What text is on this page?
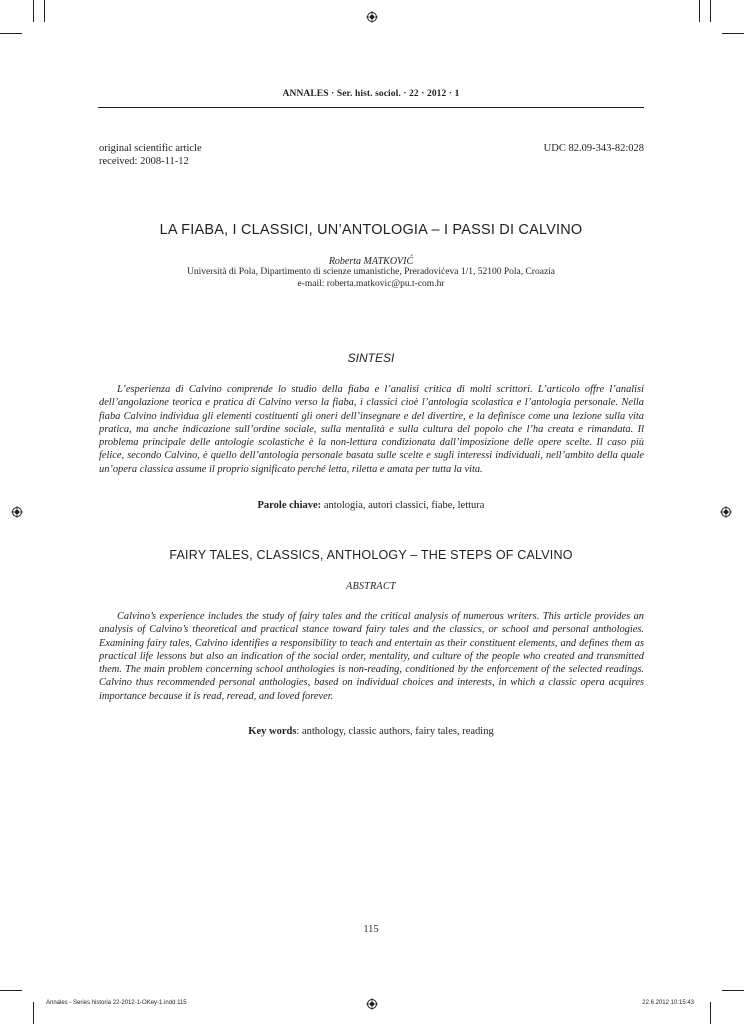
ANNALES · Ser. hist. sociol. · 22 · 2012 · 1
original scientific article
received: 2008-11-12
UDC 82.09-343-82:028
LA FIABA, I CLASSICI, UN’ANTOLOGIA – I PASSI DI CALVINO
Roberta MATKOVIĆ
Università di Pola, Dipartimento di scienze umanistiche, Preradovićeva 1/1, 52100 Pola, Croazia
e-mail: roberta.matkovic@pu.t-com.hr
SINTESI
L’esperienza di Calvino comprende lo studio della fiaba e l’analisi critica di molti scrittori. L’articolo offre l’analisi dell’angolazione teorica e pratica di Calvino verso la fiaba, i classici cioè l’antologia scolastica e l’antologia personale. Nella fiaba Calvino individua gli elementi costituenti gli oneri dell’insegnare e del divertire, e la definisce come una lezione sulla vita pratica, ma anche indicazione sull’ordine sociale, sulla mentalità e sulla cultura del popolo che l’ha creata e rimandata. Il problema principale delle antologie scolastiche è la non-lettura condizionata dall’imposizione delle opere scelte. Il caso più felice, secondo Calvino, è quello dell’antologia personale basata sulle scelte e sugli interessi individuali, nell’ambito della quale un’opera classica assume il proprio significato perché letta, riletta e amata per tutta la vita.
Parole chiave: antologia, autori classici, fiabe, lettura
FAIRY TALES, CLASSICS, ANTHOLOGY – THE STEPS OF CALVINO
ABSTRACT
Calvino’s experience includes the study of fairy tales and the critical analysis of numerous writers. This article provides an analysis of Calvino’s theoretical and practical stance toward fairy tales and the classics, or school and personal anthologies. Examining fairy tales, Calvino identifies a responsibility to teach and entertain as their constituent elements, and defines them as practical life lessons but also an indication of the social order, mentality, and culture of the people who created and transmitted them. The main problem concerning school anthologies is non-reading, conditioned by the enforcement of the selected readings. Calvino thus recommended personal anthologies, based on individual choices and interests, in which a classic opera acquires importance because it is read, reread, and loved forever.
Key words: anthology, classic authors, fairy tales, reading
115
Annales - Series historia 22-2012-1-OKey-1.indd 115	22.6.2012 10:15:43
